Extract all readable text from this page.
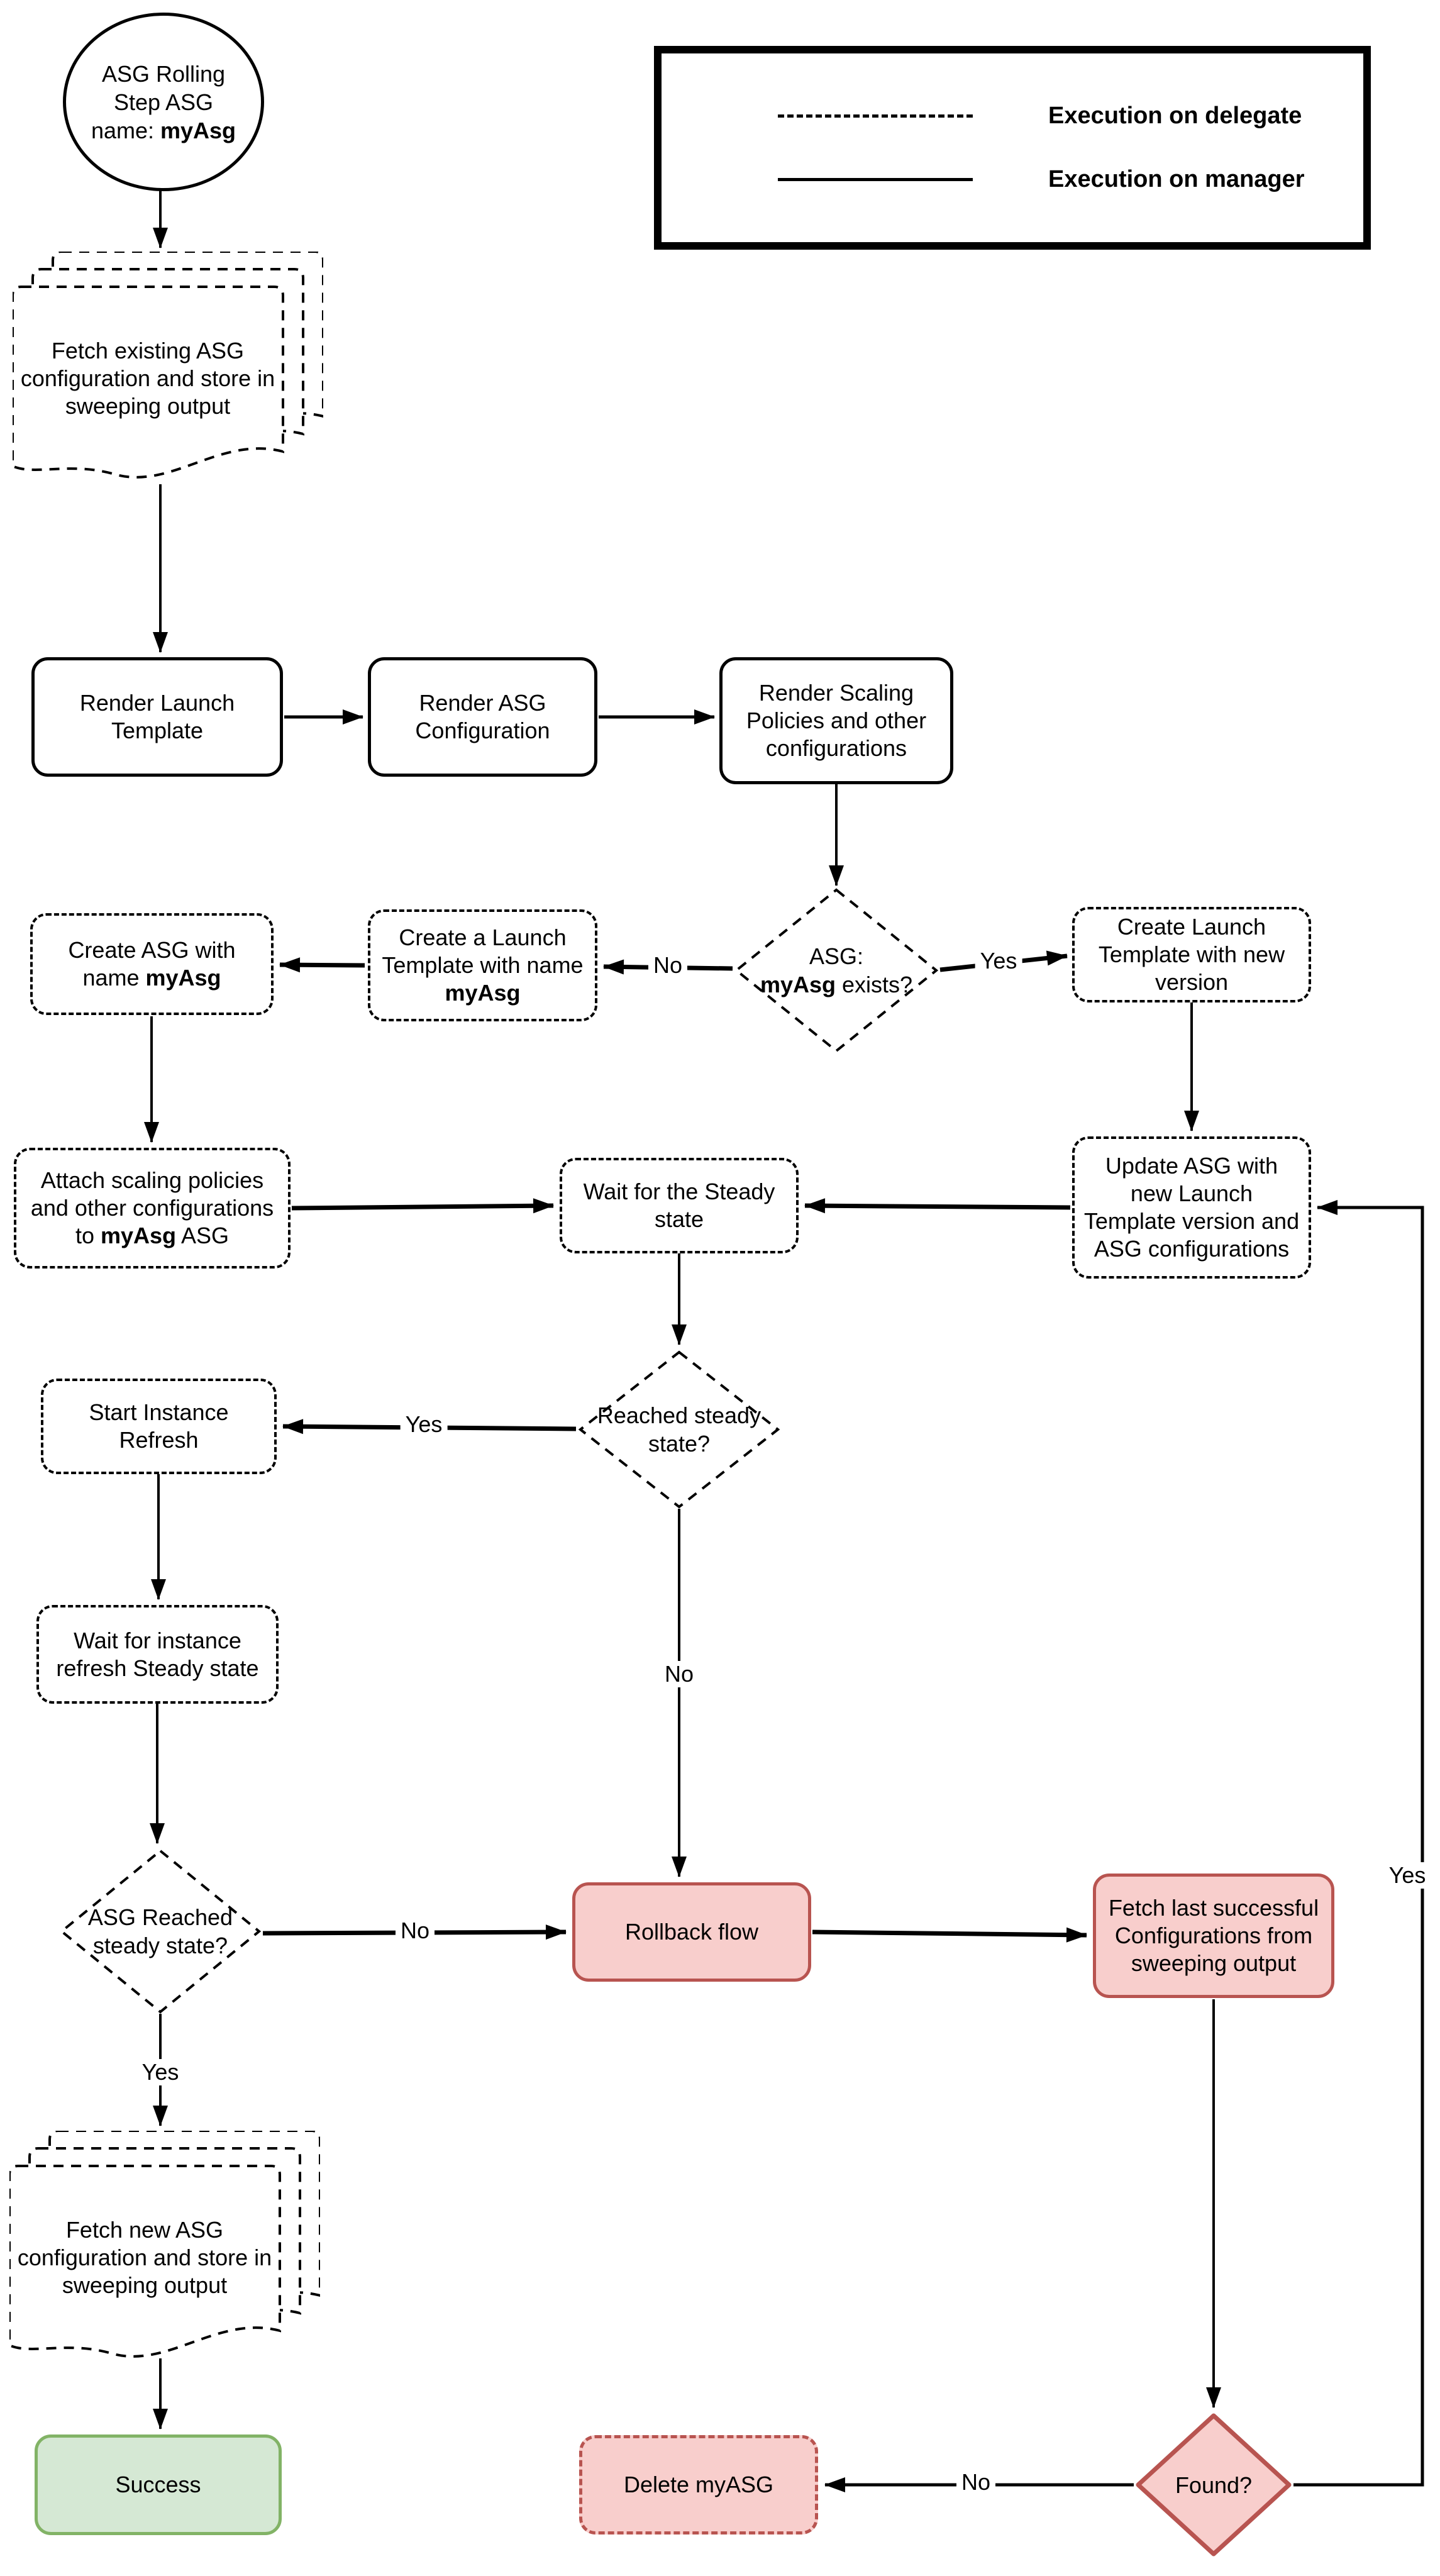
Execution on delegate
Execution on manager
ASG Rolling Step ASG
name: myAsg
Fetch existing ASG configuration and store in sweeping output
Render Launch Template
Render ASG Configuration
Render Scaling Policies and other configurations
ASG:
myAsg exists?
Create a Launch Template with name myAsg
Create ASG with name myAsg
Create Launch Template with new version
Attach scaling policies and other configurations to myAsg ASG
Wait for the Steady state
Update ASG with new Launch Template version and ASG configurations
Reached steady state?
Start Instance Refresh
Wait for instance refresh Steady state
ASG Reached steady state?
Rollback flow
Fetch last successful Configurations from sweeping output
Fetch new ASG configuration and store in sweeping output
Success	Delete myASG	Found?
No	Yes
Yes
No
No
Yes
No
Yes
